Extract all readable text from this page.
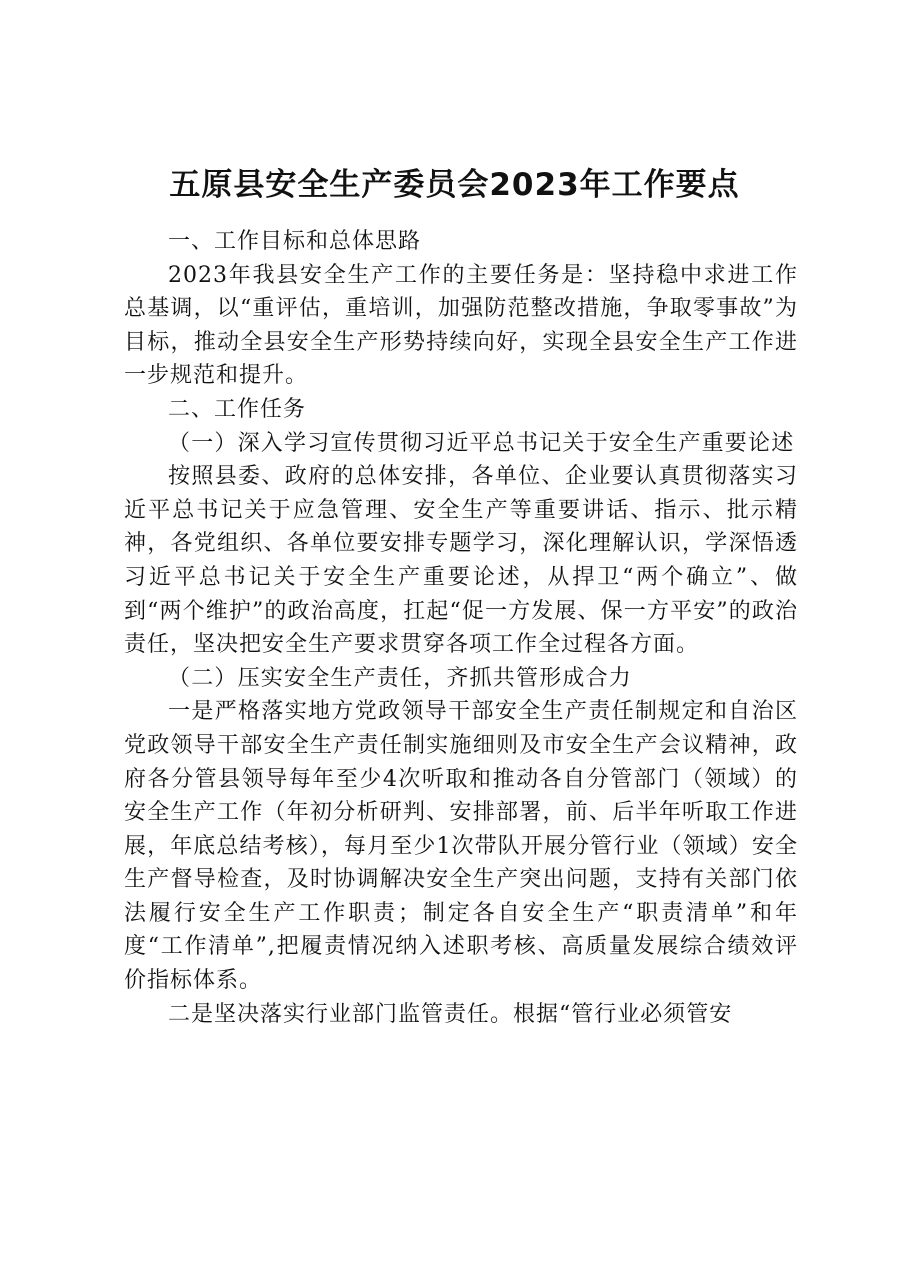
五原县安全生产委员会2023年工作要点

一、工作目标和总体思路

2023年我县安全生产工作的主要任务是：坚持稳中求进工作总基调，以“重评估，重培训，加强防范整改措施，争取零事故”为目标，推动全县安全生产形势持续向好，实现全县安全生产工作进一步规范和提升。

二、工作任务

（一）深入学习宣传贯彻习近平总书记关于安全生产重要论述

按照县委、政府的总体安排，各单位、企业要认真贯彻落实习近平总书记关于应急管理、安全生产等重要讲话、指示、批示精神，各党组织、各单位要安排专题学习，深化理解认识，学深悟透习近平总书记关于安全生产重要论述，从捍卫“两个确立”、做到“两个维护”的政治高度，扛起“促一方发展、保一方平安”的政治责任，坚决把安全生产要求贯穿各项工作全过程各方面。

（二）压实安全生产责任，齐抓共管形成合力

一是严格落实地方党政领导干部安全生产责任制规定和自治区党政领导干部安全生产责任制实施细则及市安全生产会议精神，政府各分管县领导每年至少4次听取和推动各自分管部门（领域）的安全生产工作（年初分析研判、安排部署，前、后半年听取工作进展，年底总结考核），每月至少1次带队开展分管行业（领域）安全生产督导检查，及时协调解决安全生产突出问题，支持有关部门依法履行安全生产工作职责；制定各自安全生产“职责清单”和年度“工作清单”,把履责情况纳入述职考核、高质量发展综合绩效评价指标体系。

二是坚决落实行业部门监管责任。根据“管行业必须管安
